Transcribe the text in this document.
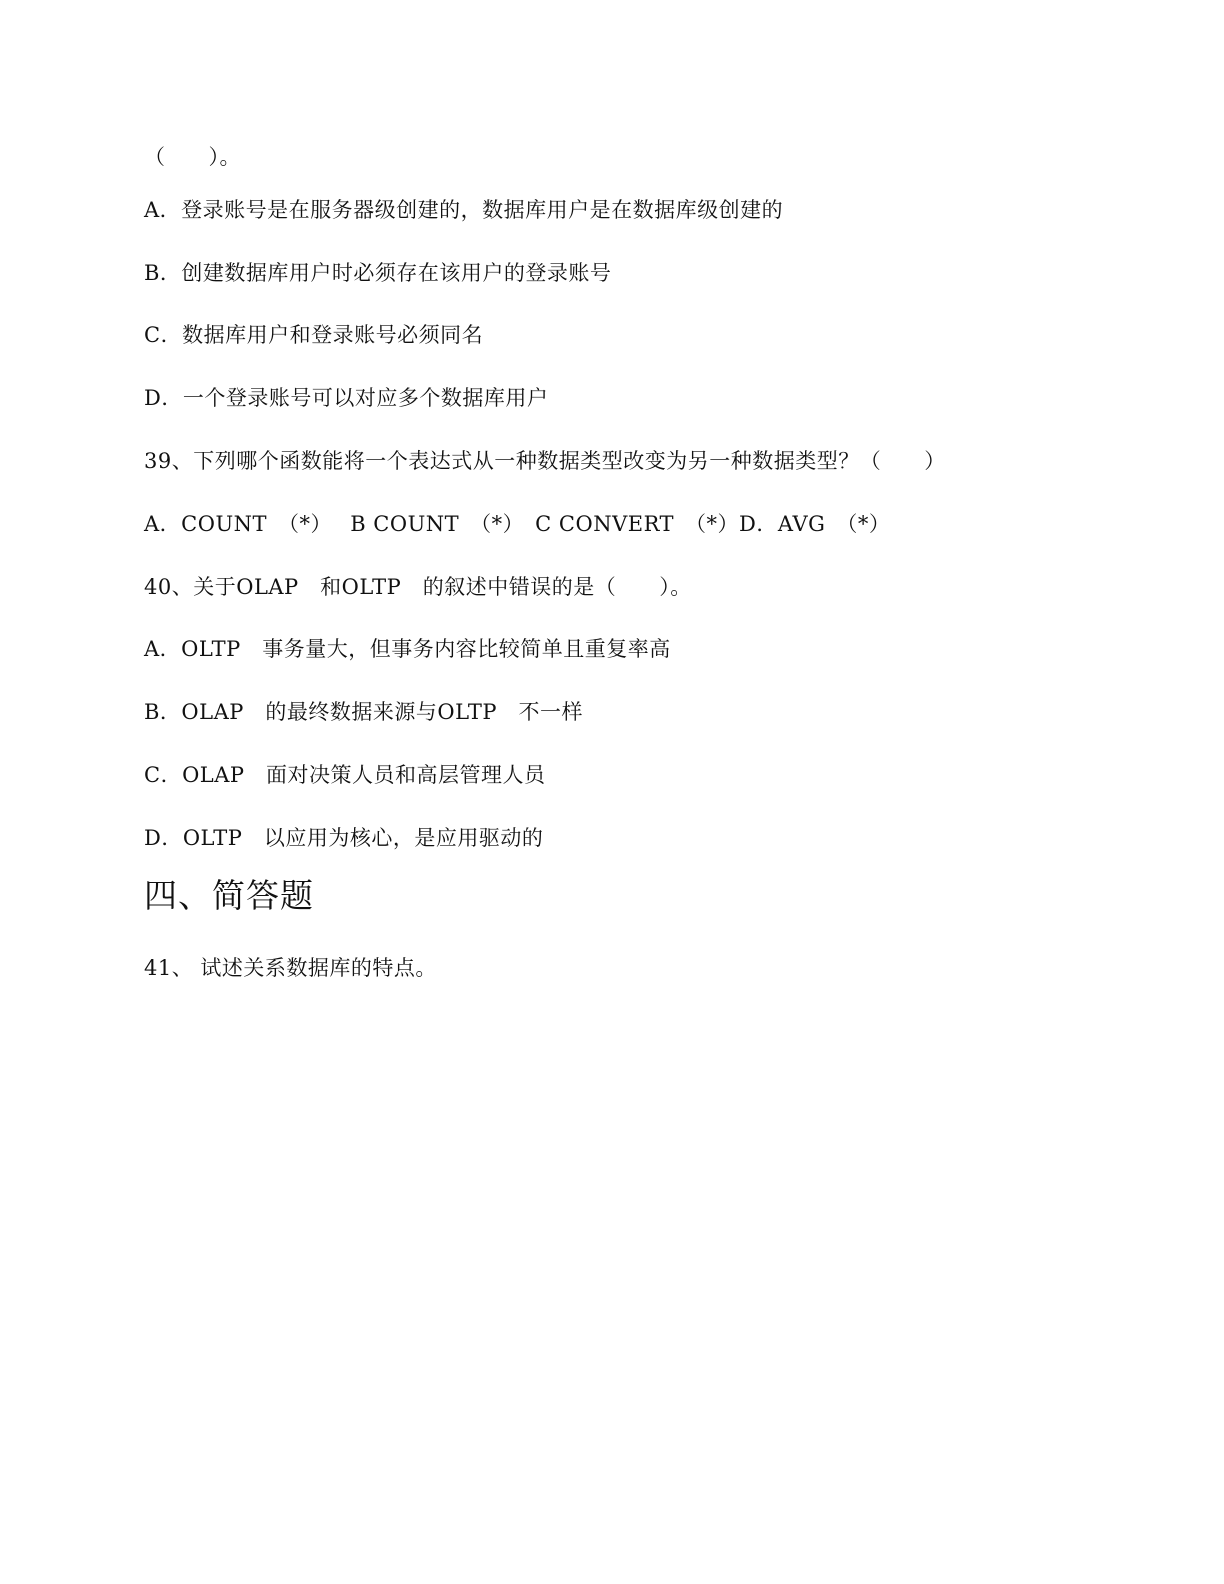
（　　）。
A．登录账号是在服务器级创建的，数据库用户是在数据库级创建的
B．创建数据库用户时必须存在该用户的登录账号
C．数据库用户和登录账号必须同名
D．一个登录账号可以对应多个数据库用户
39、下列哪个函数能将一个表达式从一种数据类型改变为另一种数据类型？（　　）
A．COUNT　（*）　 B COUNT　（*）　C CONVERT　（*）D．AVG　（*）
40、关于OLAP　和OLTP　的叙述中错误的是（　　）。
A．OLTP　事务量大，但事务内容比较简单且重复率高
B．OLAP　的最终数据来源与OLTP　不一样
C．OLAP　面对决策人员和高层管理人员
D．OLTP　以应用为核心，是应用驱动的
四、简答题
41、 试述关系数据库的特点。
